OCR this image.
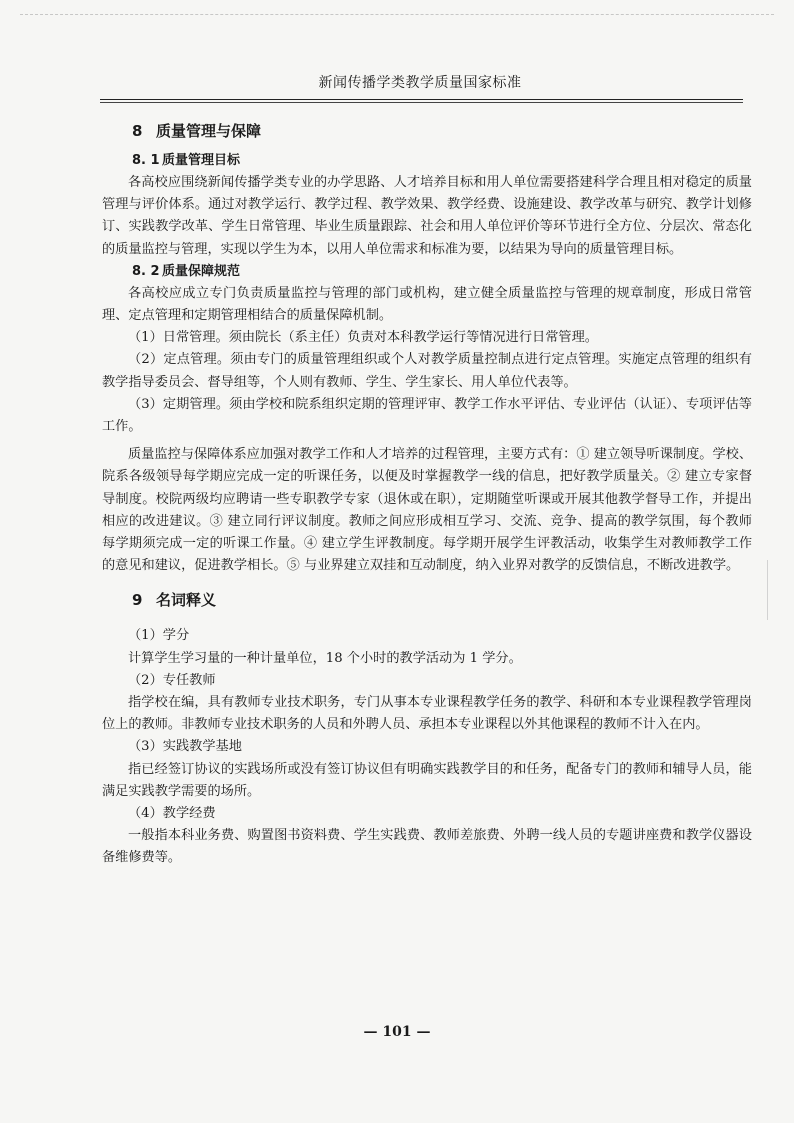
新闻传播学类教学质量国家标准
8 质量管理与保障
8. 1 质量管理目标

各高校应围绕新闻传播学类专业的办学思路、人才培养目标和用人单位需要搭建科学合理且相对稳定的质量管理与评价体系。通过对教学运行、教学过程、教学效果、教学经费、设施建设、教学改革与研究、教学计划修订、实践教学改革、学生日常管理、毕业生质量跟踪、社会和用人单位评价等环节进行全方位、分层次、常态化的质量监控与管理，实现以学生为本，以用人单位需求和标准为要，以结果为导向的质量管理目标。

8. 2 质量保障规范

各高校应成立专门负责质量监控与管理的部门或机构，建立健全质量监控与管理的规章制度，形成日常管理、定点管理和定期管理相结合的质量保障机制。

（1）日常管理。须由院长（系主任）负责对本科教学运行等情况进行日常管理。

（2）定点管理。须由专门的质量管理组织或个人对教学质量控制点进行定点管理。实施定点管理的组织有教学指导委员会、督导组等，个人则有教师、学生、学生家长、用人单位代表等。

（3）定期管理。须由学校和院系组织定期的管理评审、教学工作水平评估、专业评估（认证）、专项评估等工作。

质量监控与保障体系应加强对教学工作和人才培养的过程管理，主要方式有：① 建立领导听课制度。学校、院系各级领导每学期应完成一定的听课任务，以便及时掌握教学一线的信息，把好教学质量关。② 建立专家督导制度。校院两级均应聘请一些专职教学专家（退休或在职），定期随堂听课或开展其他教学督导工作，并提出相应的改进建议。③ 建立同行评议制度。教师之间应形成相互学习、交流、竞争、提高的教学氛围，每个教师每学期须完成一定的听课工作量。④ 建立学生评教制度。每学期开展学生评教活动，收集学生对教师教学工作的意见和建议，促进教学相长。⑤ 与业界建立双挂和互动制度，纳入业界对教学的反馈信息，不断改进教学。

9 名词释义

（1）学分

计算学生学习量的一种计量单位，18 个小时的教学活动为 1 学分。

（2）专任教师

指学校在编，具有教师专业技术职务，专门从事本专业课程教学任务的教学、科研和本专业课程教学管理岗位上的教师。非教师专业技术职务的人员和外聘人员、承担本专业课程以外其他课程的教师不计入在内。

（3）实践教学基地

指已经签订协议的实践场所或没有签订协议但有明确实践教学目的和任务，配备专门的教师和辅导人员，能满足实践教学需要的场所。

（4）教学经费

一般指本科业务费、购置图书资料费、学生实践费、教师差旅费、外聘一线人员的专题讲座费和教学仪器设备维修费等。

— 101 —
